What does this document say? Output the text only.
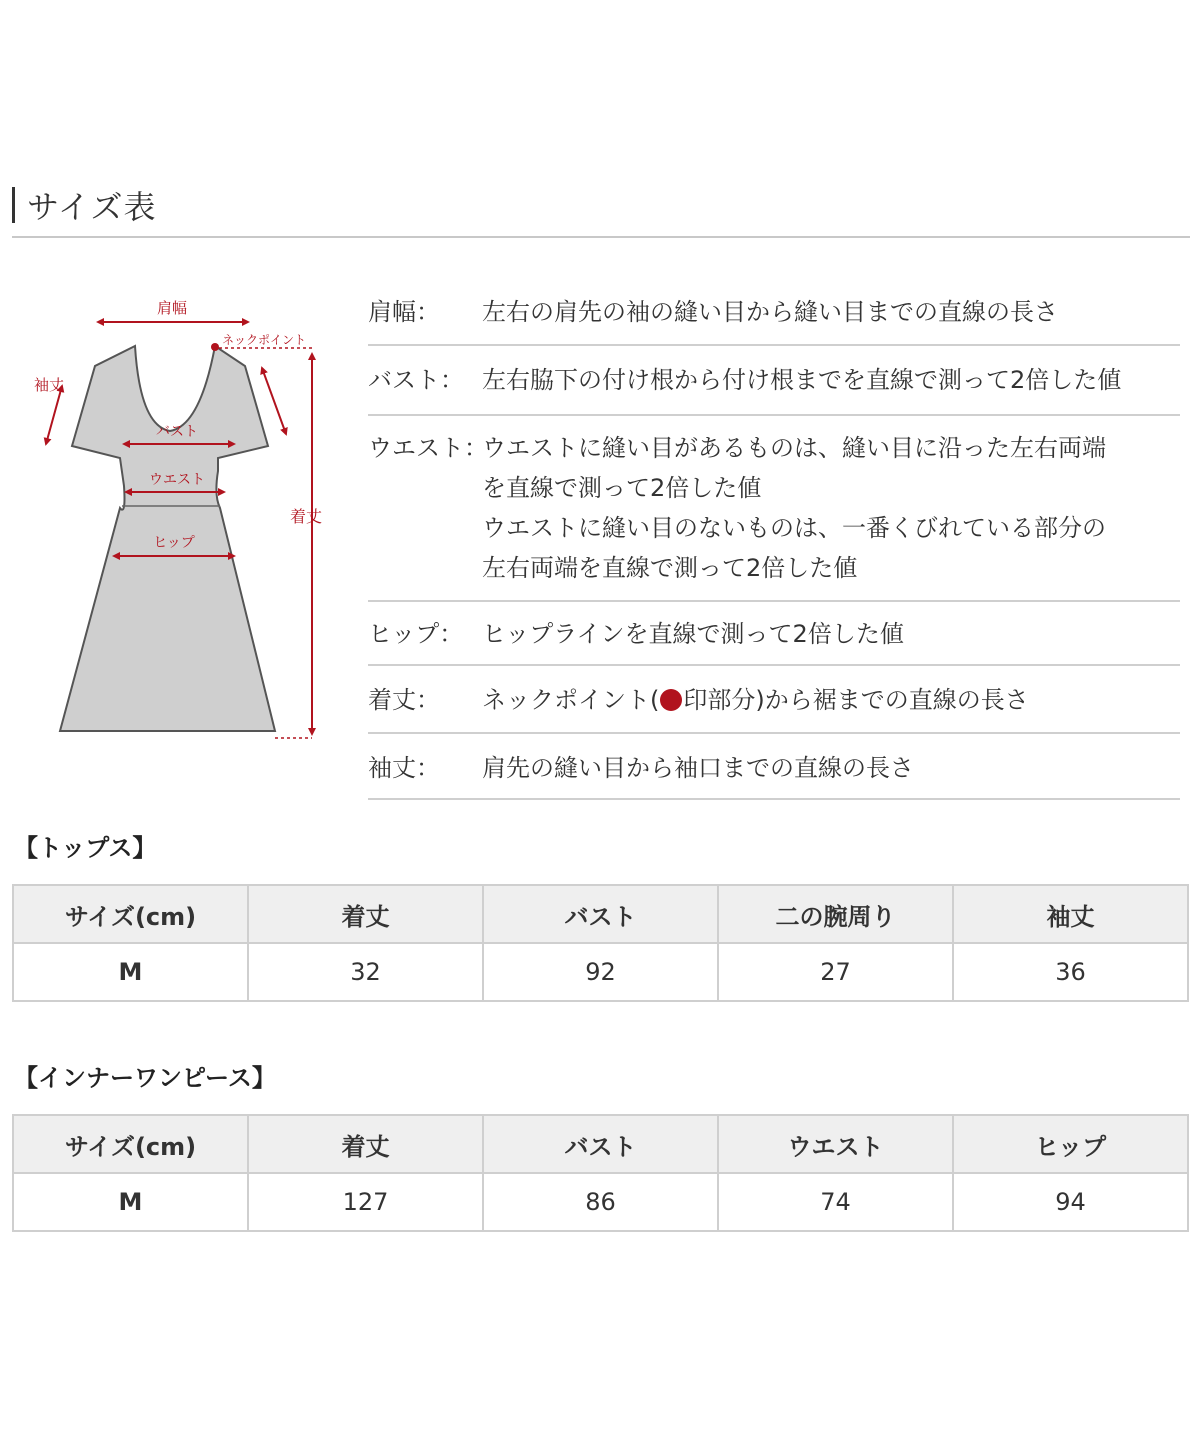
サイズ表
肩幅
ネックポイント
袖丈
バスト
ウエスト
ヒップ
着丈
肩幅：	左右の肩先の袖の縫い目から縫い目までの直線の長さ
バスト： 左右脇下の付け根から付け根までを直線で測って2倍した値
ウエスト：
ウエストに縫い目があるものは、縫い目に沿った左右両端
を直線で測って2倍した値
ウエストに縫い目のないものは、一番くびれている部分の
左右両端を直線で測って2倍した値
ヒップ： ヒップラインを直線で測って2倍した値
着丈：	ネックポイント( 印部分)から裾までの直線の長さ
袖丈：	肩先の縫い目から袖口までの直線の長さ
【トップス】
サイズ(cm)	着丈	バスト	二の腕周り	袖丈
M	32	92	27	36
【インナーワンピース】
サイズ(cm)	着丈	バスト	ウエスト	ヒップ
M	127	86	74	94
